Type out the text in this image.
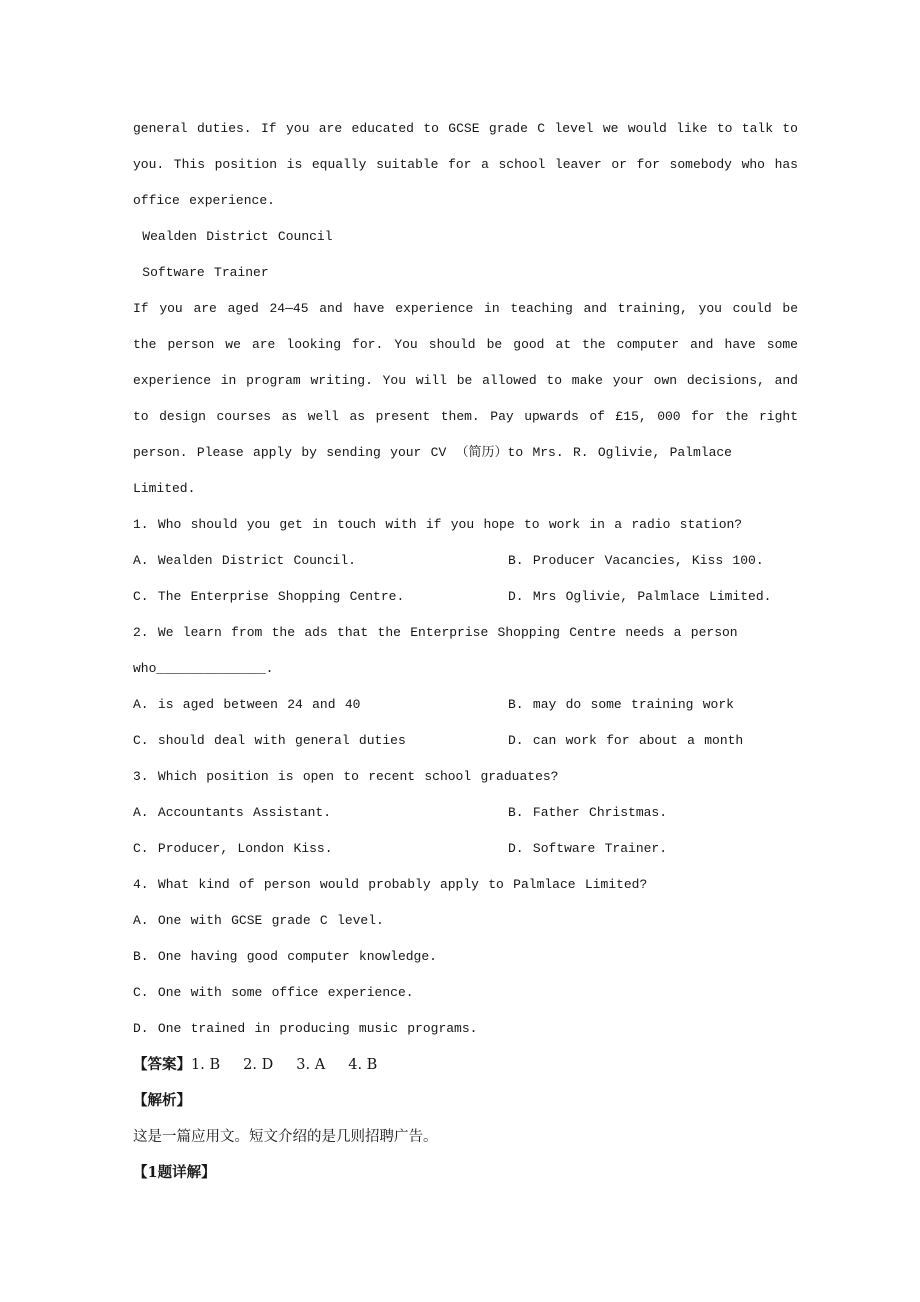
general duties. If you are educated to GCSE grade C level we would like to talk to
you. This position is equally suitable for a school leaver or for somebody who has
office experience.
Wealden District Council
Software Trainer
If you are aged 24—45 and have experience in teaching and training, you could be
the person we are looking for. You should be good at the computer and have some
experience in program writing. You will be allowed to make your own decisions, and
to design courses as well as present them. Pay upwards of £15, 000 for the right
person. Please apply by sending your CV （简历）to Mrs. R. Oglivie, Palmlace
Limited.
1. Who should you get in touch with if you hope to work in a radio station?
A. Wealden District Council.	B. Producer Vacancies, Kiss 100.
C. The Enterprise Shopping Centre.	D. Mrs Oglivie, Palmlace Limited.
2. We learn from the ads that the Enterprise Shopping Centre needs a person
who______________.
A. is aged between 24 and 40	B. may do some training work
C. should deal with general duties	D. can work for about a month
3. Which position is open to recent school graduates?
A. Accountants Assistant.	B. Father Christmas.
C. Producer, London Kiss.	D. Software Trainer.
4. What kind of person would probably apply to Palmlace Limited?
A. One with GCSE grade C level.
B. One having good computer knowledge.
C. One with some office experience.
D. One trained in producing music programs.
【答案】1. B     2. D     3. A     4. B
【解析】
这是一篇应用文。短文介绍的是几则招聘广告。
【1题详解】
